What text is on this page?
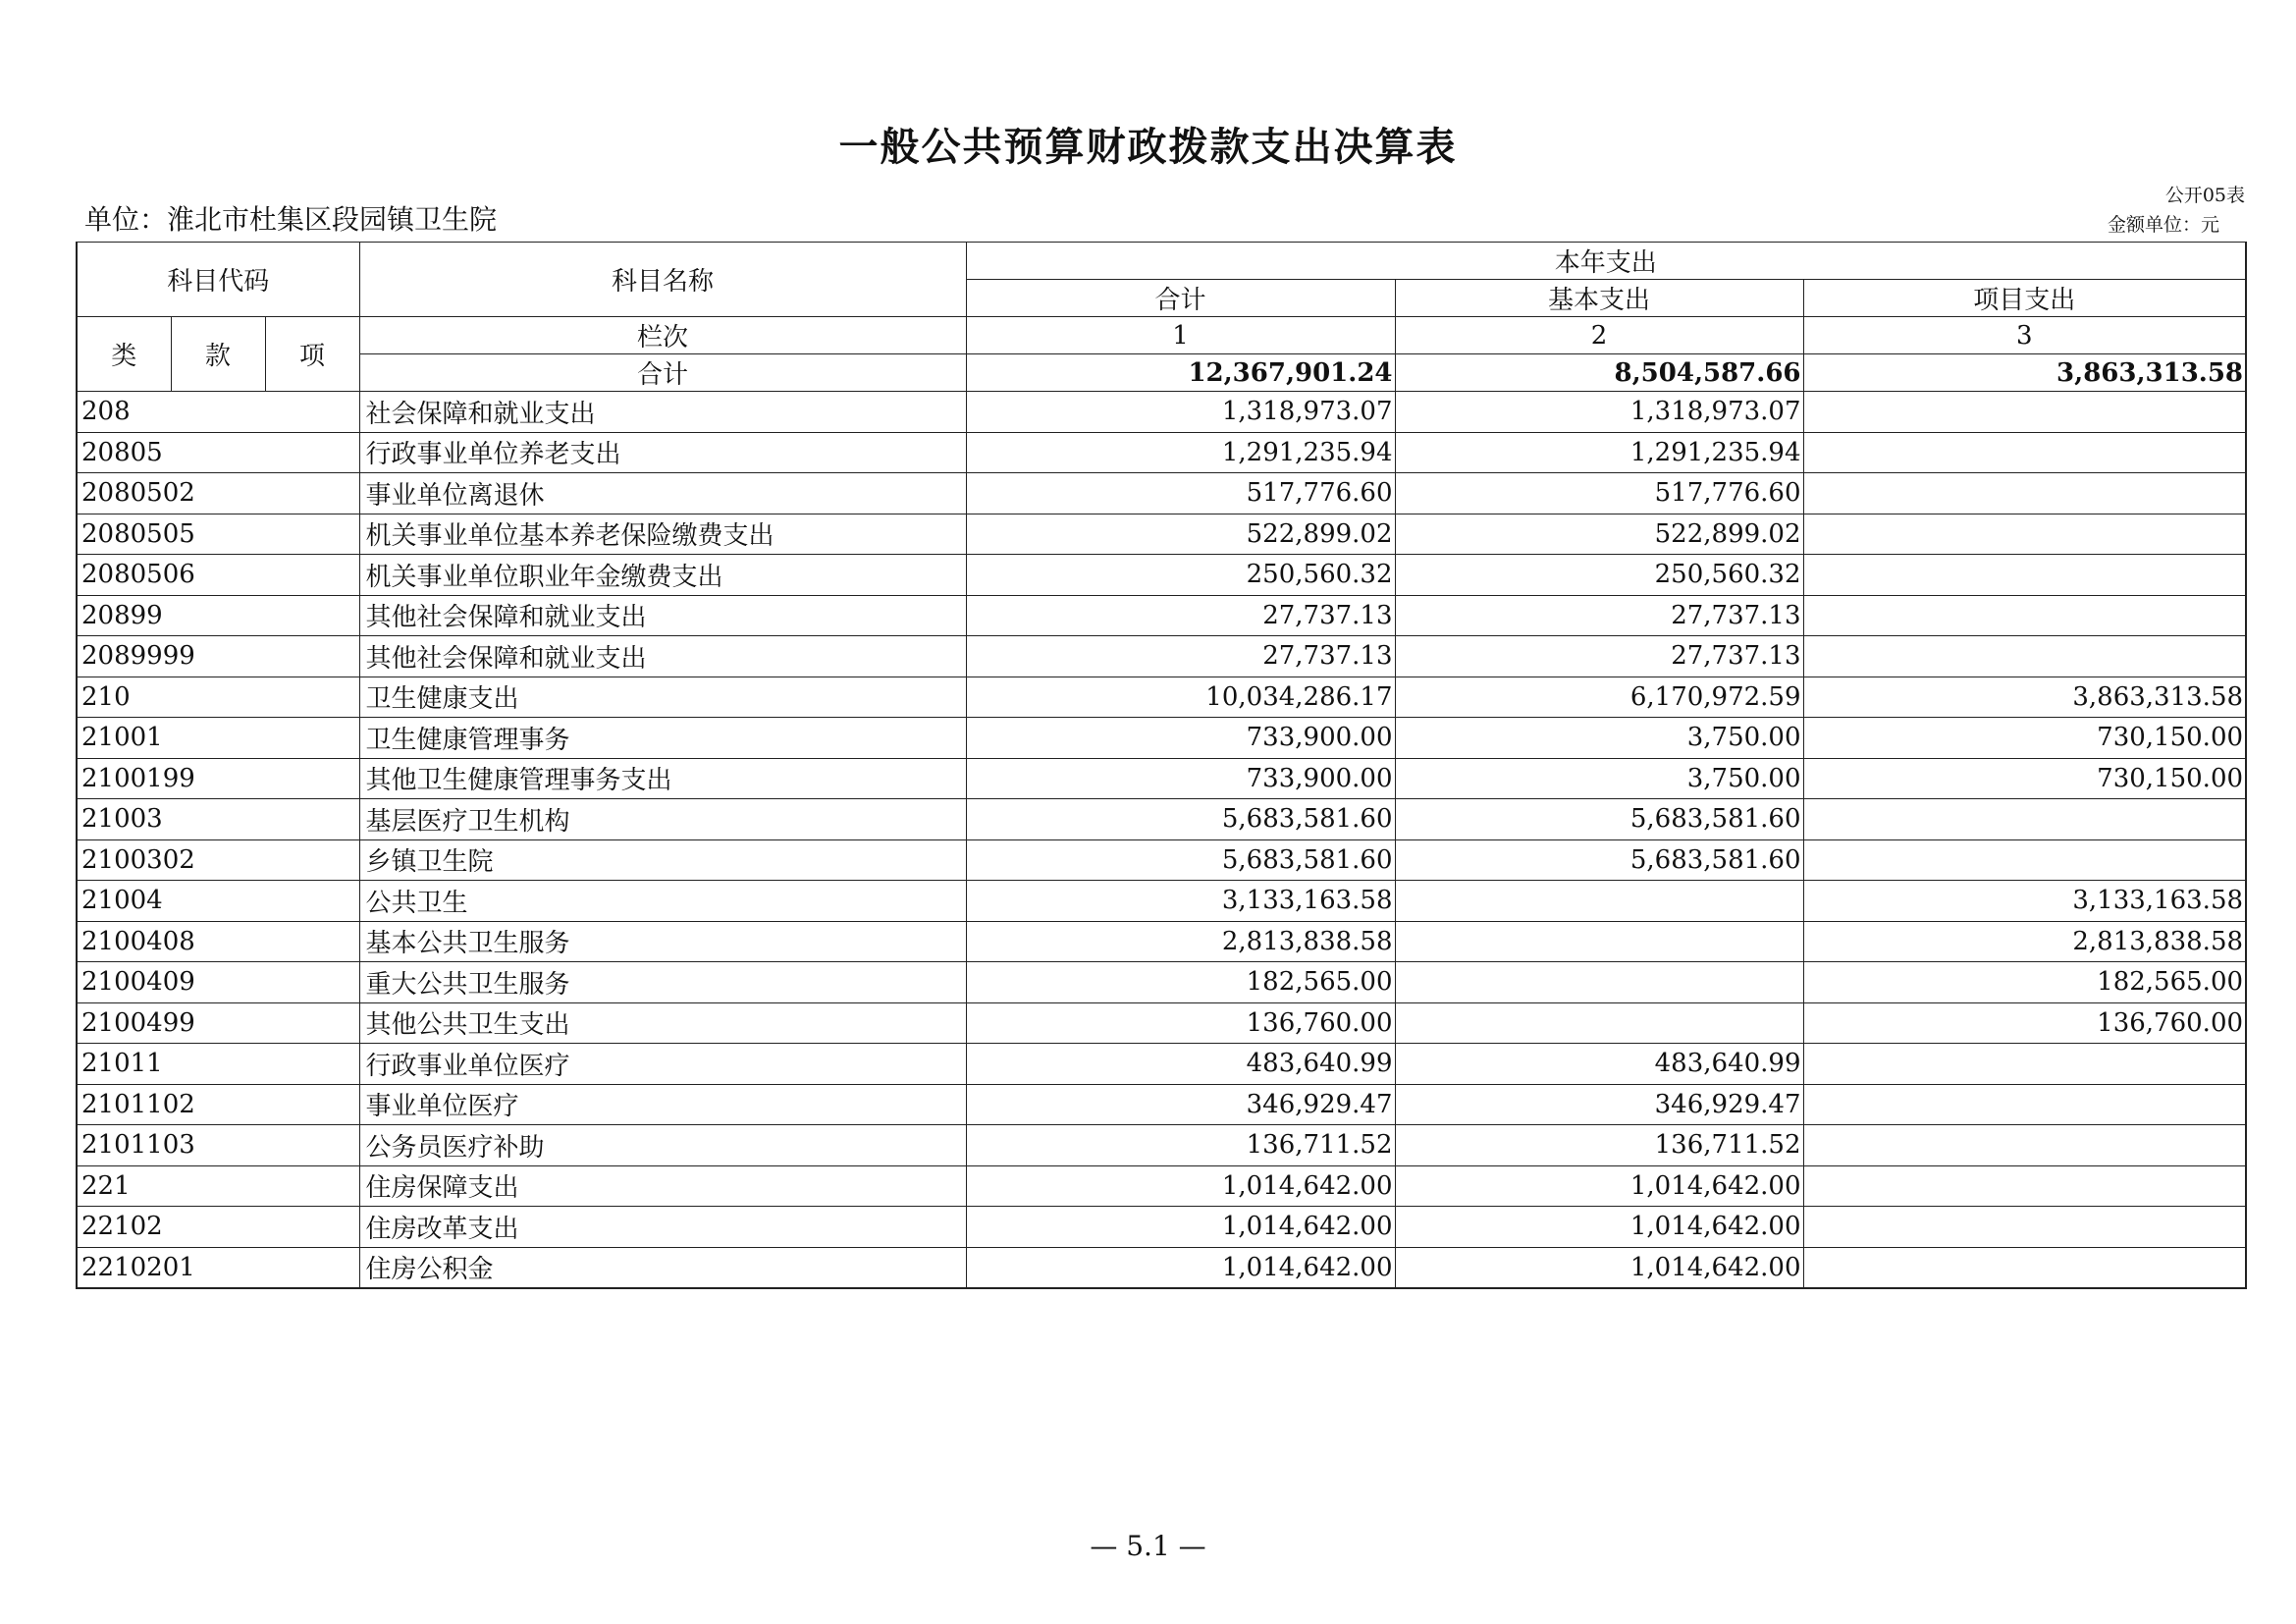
一般公共预算财政拨款支出决算表
单位：淮北市杜集区段园镇卫生院
公开05表
金额单位：元
科目代码			科目名称	本年支出		
				合计	基本支出	项目支出
类	款	项	栏次	1	2	3
			合计	12,367,901.24	8,504,587.66	3,863,313.58
208			社会保障和就业支出	1,318,973.07	1,318,973.07	
20805			行政事业单位养老支出	1,291,235.94	1,291,235.94	
2080502			事业单位离退休	517,776.60	517,776.60	
2080505			机关事业单位基本养老保险缴费支出	522,899.02	522,899.02	
2080506			机关事业单位职业年金缴费支出	250,560.32	250,560.32	
20899			其他社会保障和就业支出	27,737.13	27,737.13	
2089999			其他社会保障和就业支出	27,737.13	27,737.13	
210			卫生健康支出	10,034,286.17	6,170,972.59	3,863,313.58
21001			卫生健康管理事务	733,900.00	3,750.00	730,150.00
2100199			其他卫生健康管理事务支出	733,900.00	3,750.00	730,150.00
21003			基层医疗卫生机构	5,683,581.60	5,683,581.60	
2100302			乡镇卫生院	5,683,581.60	5,683,581.60	
21004			公共卫生	3,133,163.58		3,133,163.58
2100408			基本公共卫生服务	2,813,838.58		2,813,838.58
2100409			重大公共卫生服务	182,565.00		182,565.00
2100499			其他公共卫生支出	136,760.00		136,760.00
21011			行政事业单位医疗	483,640.99	483,640.99	
2101102			事业单位医疗	346,929.47	346,929.47	
2101103			公务员医疗补助	136,711.52	136,711.52	
221			住房保障支出	1,014,642.00	1,014,642.00	
22102			住房改革支出	1,014,642.00	1,014,642.00	
2210201			住房公积金	1,014,642.00	1,014,642.00	
— 5.1 —
